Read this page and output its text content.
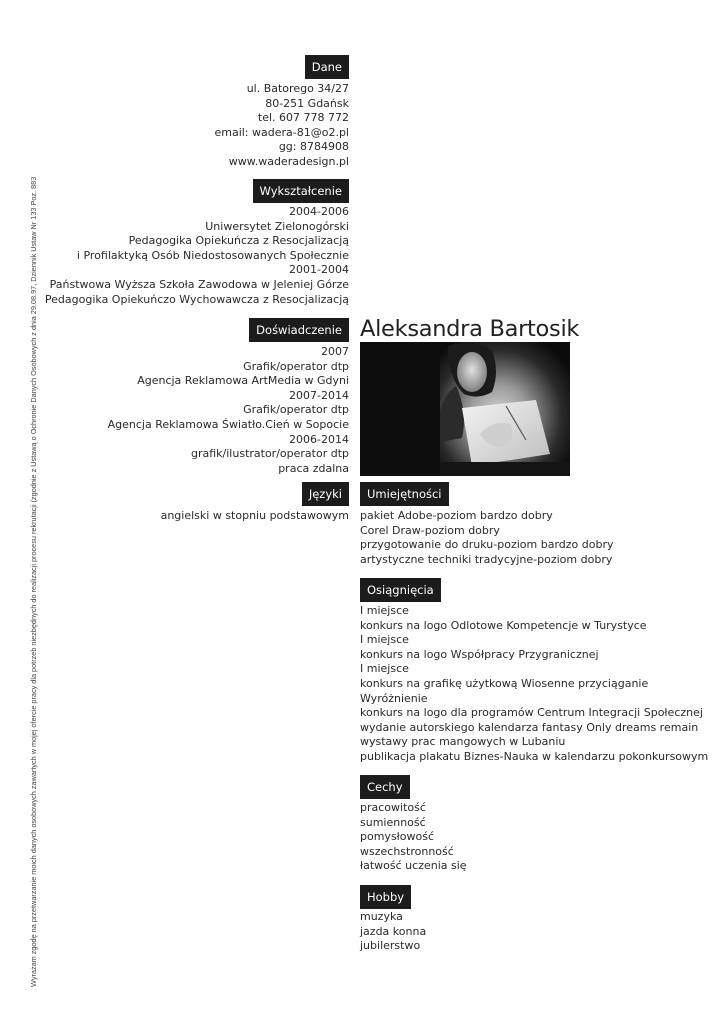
Wyrażam zgodę na przetwarzanie moich danych osobowych zawartych w mojej ofercie pracy dla potrzeb niezbędnych do realizacji procesu rekrutacji (zgodnie z Ustawą o Ochronie Danych Osobowych z dnia 29.08.97, Dziennik Ustaw Nr 133 Poz. 883
Dane
ul. Batorego 34/27
80-251 Gdańsk
tel. 607 778 772
email: wadera-81@o2.pl
gg: 8784908
www.waderadesign.pl
Wykształcenie
2004-2006
Uniwersytet Zielonogórski
Pedagogika Opiekuńcza z Resocjalizacją
i Profilaktyką Osób Niedostosowanych Społecznie
2001-2004
Państwowa Wyższa Szkoła Zawodowa w Jeleniej Górze
Pedagogika Opiekuńczo Wychowawcza z Resocjalizacją
Doświadczenie
2007
Grafik/operator dtp
Agencja Reklamowa ArtMedia w Gdyni
2007-2014
Grafik/operator dtp
Agencja Reklamowa Światło.Cień w Sopocie
2006-2014
grafik/ilustrator/operator dtp
praca zdalna
Języki
angielski w stopniu podstawowym
Aleksandra Bartosik
Umiejętności
pakiet Adobe-poziom bardzo dobry
Corel Draw-poziom dobry
przygotowanie do druku-poziom bardzo dobry
artystyczne techniki tradycyjne-poziom dobry
Osiągnięcia
I miejsce
konkurs na logo Odlotowe Kompetencje w Turystyce
I miejsce
konkurs na logo Współpracy Przygranicznej
I miejsce
konkurs na grafikę użytkową Wiosenne przyciąganie
Wyróżnienie
konkurs na logo dla programów Centrum Integracji Społecznej
wydanie autorskiego kalendarza fantasy Only dreams remain
wystawy prac mangowych w Lubaniu
publikacja plakatu Biznes-Nauka w kalendarzu pokonkursowym
Cechy
pracowitość
sumienność
pomysłowość
wszechstronność
łatwość uczenia się
Hobby
muzyka
jazda konna
jubilerstwo
